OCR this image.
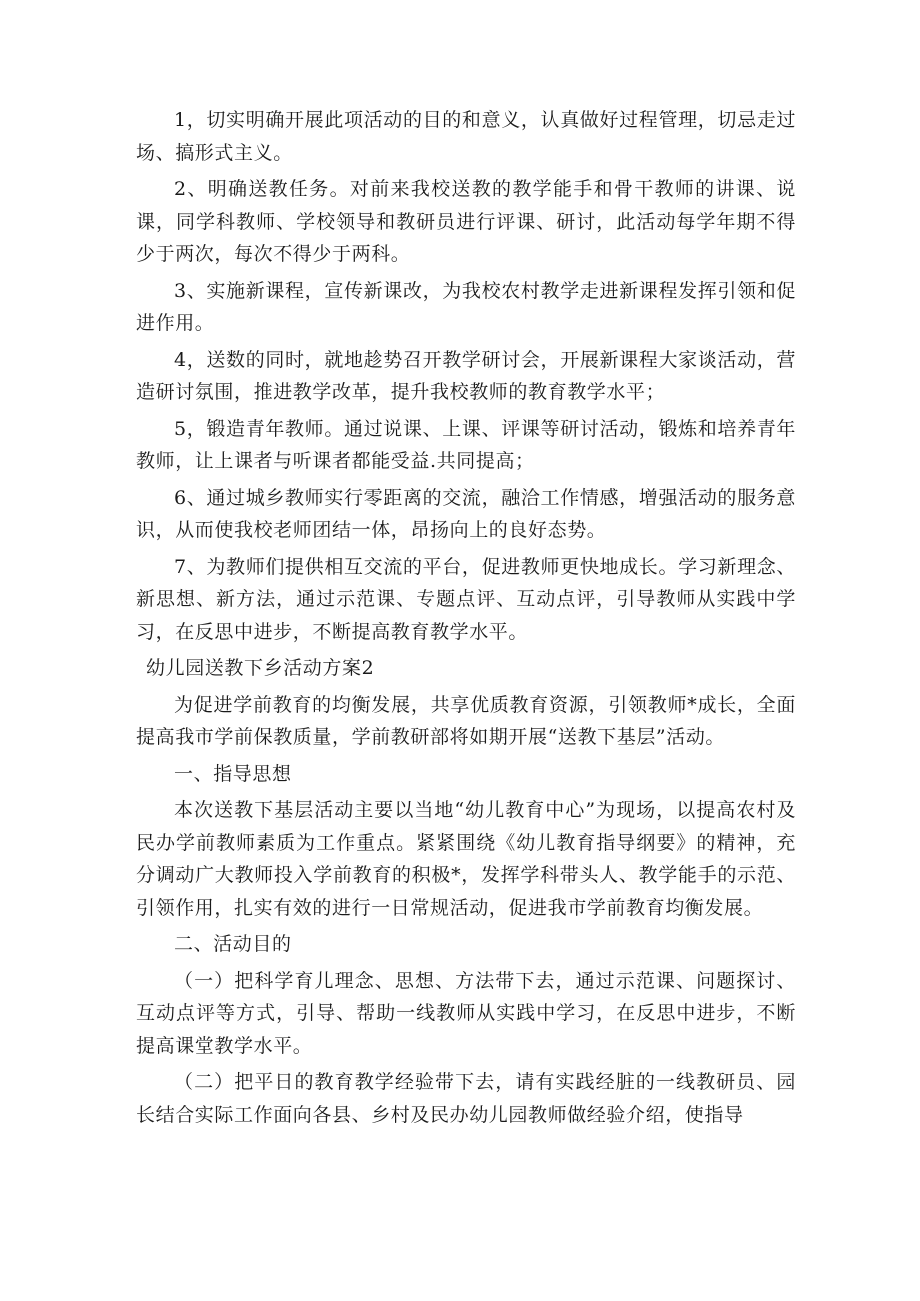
1，切实明确开展此项活动的目的和意义，认真做好过程管理，切忌走过场、搞形式主义。

2、明确送教任务。对前来我校送教的教学能手和骨干教师的讲课、说课，同学科教师、学校领导和教研员进行评课、研讨，此活动每学年期不得少于两次，每次不得少于两科。

3、实施新课程，宣传新课改，为我校农村教学走进新课程发挥引领和促进作用。

4，送数的同时，就地趁势召开教学研讨会，开展新课程大家谈活动，营造研讨氛围，推进教学改革，提升我校教师的教育教学水平；

5，锻造青年教师。通过说课、上课、评课等研讨活动，锻炼和培养青年教师，让上课者与听课者都能受益.共同提高；

6、通过城乡教师实行零距离的交流，融洽工作情感，增强活动的服务意识，从而使我校老师团结一体，昂扬向上的良好态势。

7、为教师们提供相互交流的平台，促进教师更快地成长。学习新理念、新思想、新方法，通过示范课、专题点评、互动点评，引导教师从实践中学习，在反思中进步，不断提高教育教学水平。

幼儿园送教下乡活动方案2

为促进学前教育的均衡发展，共享优质教育资源，引领教师*成长，全面提高我市学前保教质量，学前教研部将如期开展“送教下基层”活动。

一、指导思想

本次送教下基层活动主要以当地“幼儿教育中心”为现场，以提高农村及民办学前教师素质为工作重点。紧紧围绕《幼儿教育指导纲要》的精神，充分调动广大教师投入学前教育的积极*，发挥学科带头人、教学能手的示范、引领作用，扎实有效的进行一日常规活动，促进我市学前教育均衡发展。

二、活动目的

（一）把科学育儿理念、思想、方法带下去，通过示范课、问题探讨、互动点评等方式，引导、帮助一线教师从实践中学习，在反思中进步，不断提高课堂教学水平。

（二）把平日的教育教学经验带下去，请有实践经脏的一线教研员、园长结合实际工作面向各县、乡村及民办幼儿园教师做经验介绍，使指导
